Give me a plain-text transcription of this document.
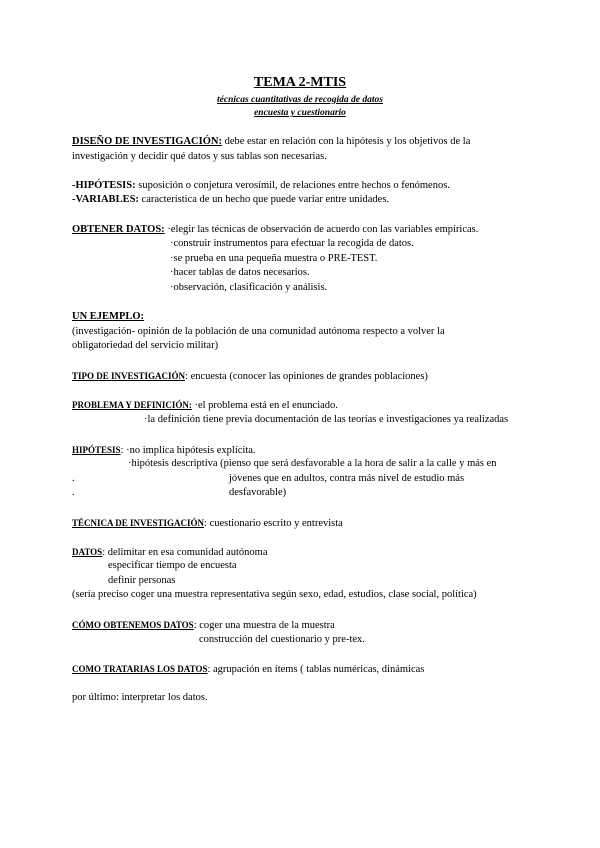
TEMA 2-MTIS
técnicas cuantitativas de recogida de datos
encuesta y cuestionario
DISEÑO DE INVESTIGACIÓN: debe estar en relación con la hipótesis y los objetivos de la
investigación y decidir qué datos y sus tablas son necesarias.
-HIPÓTESIS: suposición o conjetura verosímil, de relaciones entre hechos o fenómenos.
-VARIABLES: característica de un hecho que puede variar entre unidades.
OBTENER DATOS: ·elegir las técnicas de observación de acuerdo con las variables empíricas.
·construir instrumentos para efectuar la recogida de datos.
·se prueba en una pequeña muestra o PRE-TEST.
·hacer tablas de datos necesarios.
·observación, clasificación y análisis.
UN EJEMPLO:
(investigación- opinión de la población de una comunidad autónoma respecto a volver la
obligatoriedad del servicio militar)
TIPO DE INVESTIGACIÓN: encuesta (conocer las opiniones de grandes poblaciones)
PROBLEMA Y DEFINICIÓN: ·el problema está en el enunciado.
·la definición tiene previa documentación de las teorías e investigaciones ya realizadas
HIPÓTESIS: ·no implica hipótesis explícita.
·hipótesis descriptiva (pienso que será desfavorable a la hora de salir a la calle y más en
.	jóvenes que en adultos, contra más nivel de estudio más
.	desfavorable)
TÉCNICA DE INVESTIGACIÓN: cuestionario escrito y entrevista
DATOS: delimitar en esa comunidad autónoma
especificar tiempo de encuesta
definir personas
(sería preciso coger una muestra representativa según sexo, edad, estudios, clase social, política)
CÓMO OBTENEMOS DATOS: coger una muestra de la muestra
construcción del cuestionario y pre-tex.
COMO TRATARIAS LOS DATOS: agrupación en ítems ( tablas numéricas, dinámicas
por último: interpretar los datos.
